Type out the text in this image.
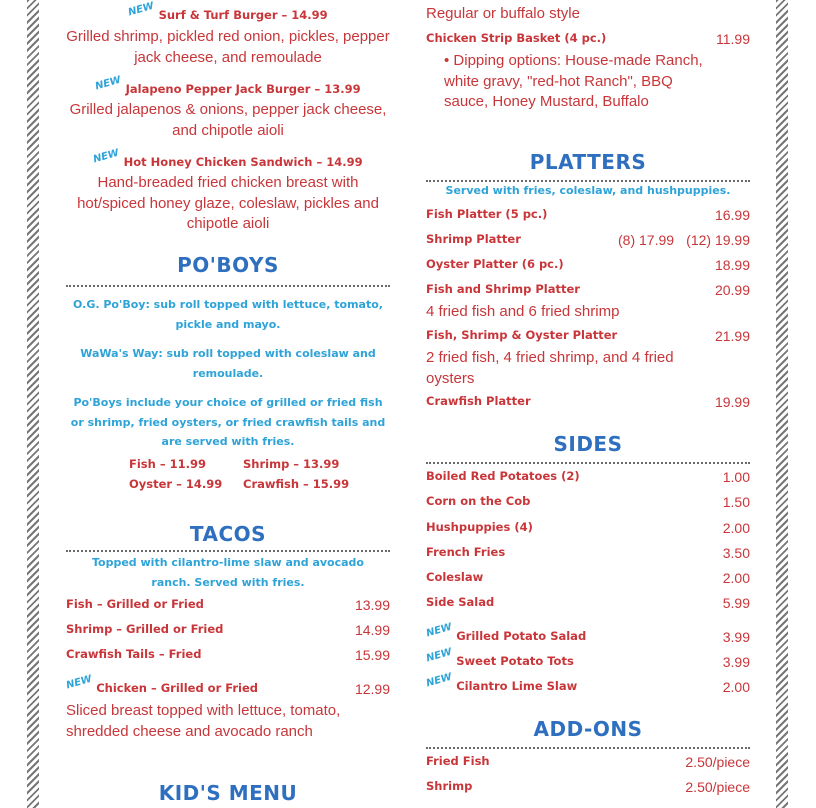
NEW Surf & Turf Burger – 14.99
Grilled shrimp, pickled red onion, pickles, pepper jack cheese, and remoulade
NEW Jalapeno Pepper Jack Burger – 13.99
Grilled jalapenos & onions, pepper jack cheese, and chipotle aioli
NEW Hot Honey Chicken Sandwich – 14.99
Hand-breaded fried chicken breast with hot/spiced honey glaze, coleslaw, pickles and chipotle aioli
PO'BOYS
O.G. Po'Boy: sub roll topped with lettuce, tomato, pickle and mayo.
WaWa's Way: sub roll topped with coleslaw and remoulade.
Po'Boys include your choice of grilled or fried fish or shrimp, fried oysters, or fried crawfish tails and are served with fries.
Fish – 11.99	Shrimp – 13.99
Oyster – 14.99 Crawfish – 15.99
TACOS
Topped with cilantro-lime slaw and avocado ranch. Served with fries.
Fish – Grilled or Fried	13.99
Shrimp – Grilled or Fried	14.99
Crawfish Tails – Fried	15.99
NEW Chicken – Grilled or Fried	12.99
Sliced breast topped with lettuce, tomato, shredded cheese and avocado ranch
KID'S MENU
Regular or buffalo style
Chicken Strip Basket (4 pc.)	11.99
• Dipping options: House-made Ranch, white gravy, "red-hot Ranch", BBQ sauce, Honey Mustard, Buffalo
PLATTERS
Served with fries, coleslaw, and hushpuppies.
Fish Platter (5 pc.)	16.99
Shrimp Platter	(8) 17.99 (12) 19.99
Oyster Platter (6 pc.)	18.99
Fish and Shrimp Platter	20.99
4 fried fish and 6 fried shrimp
Fish, Shrimp & Oyster Platter	21.99
2 fried fish, 4 fried shrimp, and 4 fried oysters
Crawfish Platter	19.99
SIDES
Boiled Red Potatoes (2)	1.00
Corn on the Cob	1.50
Hushpuppies (4)	2.00
French Fries	3.50
Coleslaw	2.00
Side Salad	5.99
NEW Grilled Potato Salad	3.99
NEW Sweet Potato Tots	3.99
NEW Cilantro Lime Slaw	2.00
ADD-ONS
Fried Fish	2.50/piece
Shrimp	2.50/piece
